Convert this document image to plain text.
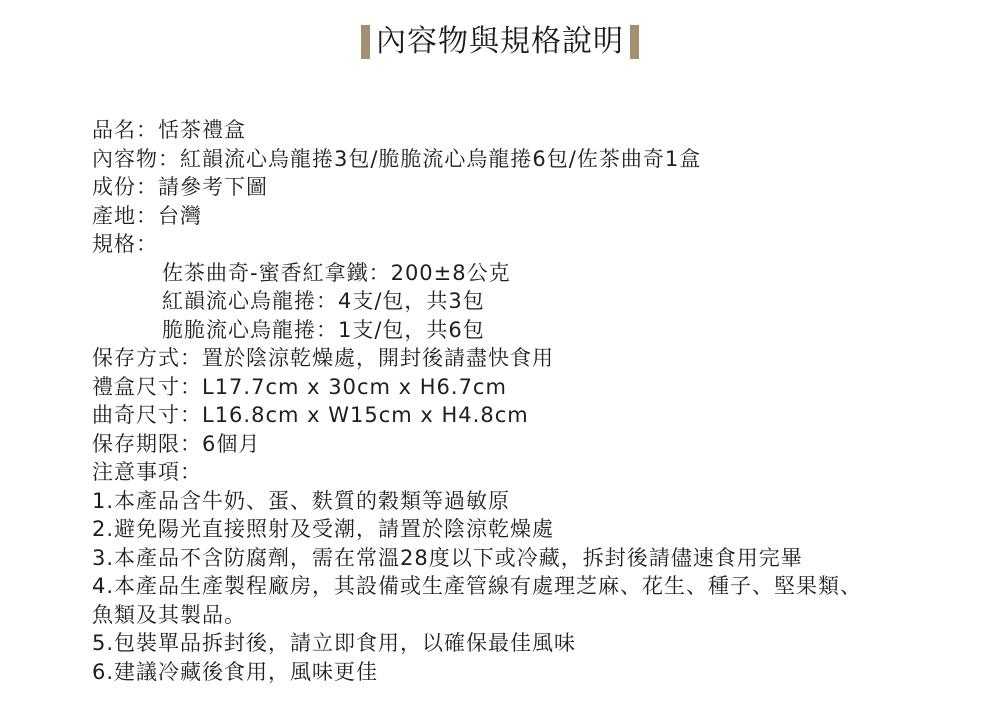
內容物與規格說明
品名：恬茶禮盒
內容物：紅韻流心烏龍捲3包/脆脆流心烏龍捲6包/佐茶曲奇1盒
成份：請參考下圖
產地：台灣
規格：
佐茶曲奇-蜜香紅拿鐵：200±8公克
紅韻流心烏龍捲：4支/包，共3包
脆脆流心烏龍捲：1支/包，共6包
保存方式：置於陰涼乾燥處，開封後請盡快食用
禮盒尺寸：L17.7cm x 30cm x H6.7cm
曲奇尺寸：L16.8cm x W15cm x H4.8cm
保存期限：6個月
注意事項：
1.本產品含牛奶、蛋、麩質的穀類等過敏原
2.避免陽光直接照射及受潮，請置於陰涼乾燥處
3.本產品不含防腐劑，需在常溫28度以下或冷藏，拆封後請儘速食用完畢
4.本產品生產製程廠房，其設備或生產管線有處理芝麻、花生、種子、堅果類、
魚類及其製品。
5.包裝單品拆封後，請立即食用，以確保最佳風味
6.建議冷藏後食用，風味更佳
